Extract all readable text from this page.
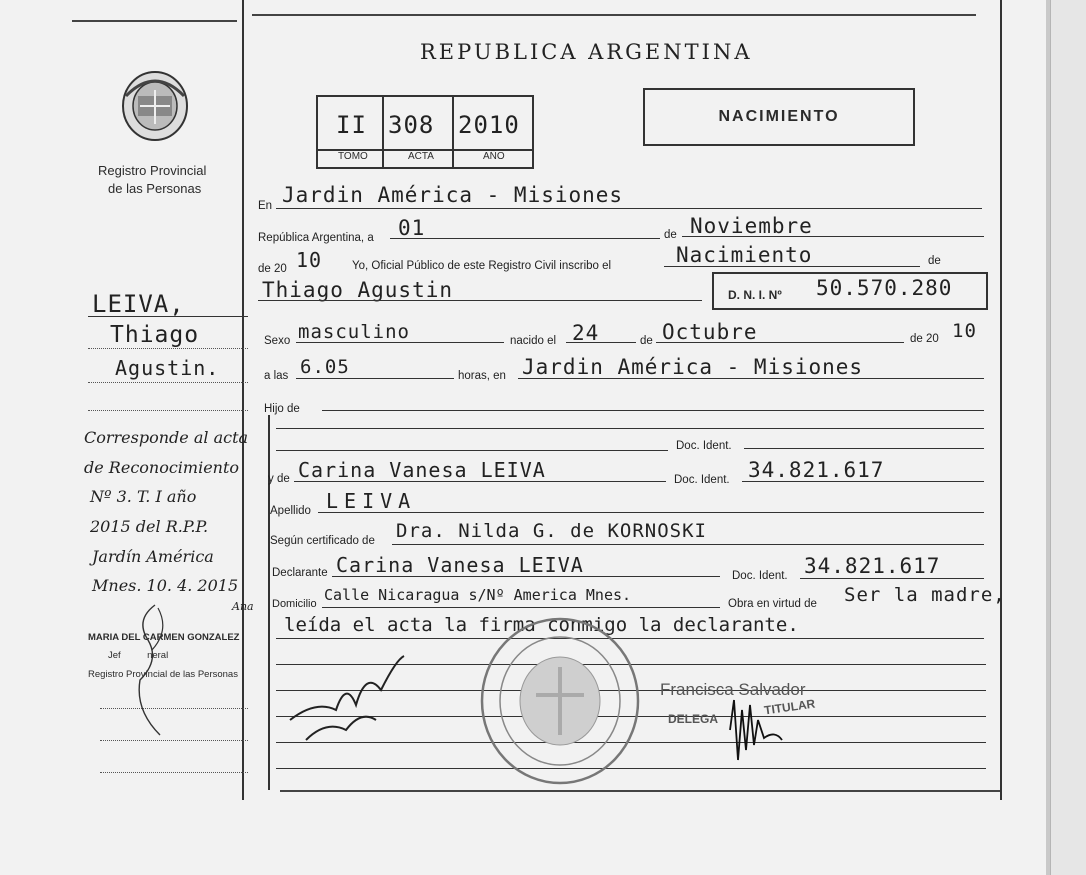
REPUBLICA ARGENTINA
II 308 2010
TOMO	ACTA	AÑO
NACIMIENTO
Registro Provincial
de las Personas
LEIVA,
Thiago
Agustin.
Corresponde al acta
de Reconocimiento
Nº 3. T. I año
2015 del R.P.P.
Jardín América
Mnes. 10. 4. 2015
Ana
MARIA DEL CARMEN GONZALEZ
Jef          neral
Registro Provincial de las Personas
En Jardin América - Misiones
República Argentina, a 01	de Noviembre
de 20 10	Yo, Oficial Público de este Registro Civil inscribo el	Nacimiento	de
Thiago Agustin	D. N. I. Nº 50.570.280
Sexo masculino	nacido el 24	de Octubre	de 20 10
a las 6.05	horas, en Jardin América - Misiones
Hijo de
Doc. Ident.
y de Carina Vanesa LEIVA	Doc. Ident. 34.821.617
Apellido LEIVA
Según certificado de Dra. Nilda G. de KORNOSKI
Declarante Carina Vanesa LEIVA	Doc. Ident. 34.821.617
Domicilio Calle Nicaragua s/Nº America Mnes.	Obra en virtud de Ser la madre,
leída el acta la firma conmigo la declarante.
Francisca Salvador
DELEGA
TITULAR
